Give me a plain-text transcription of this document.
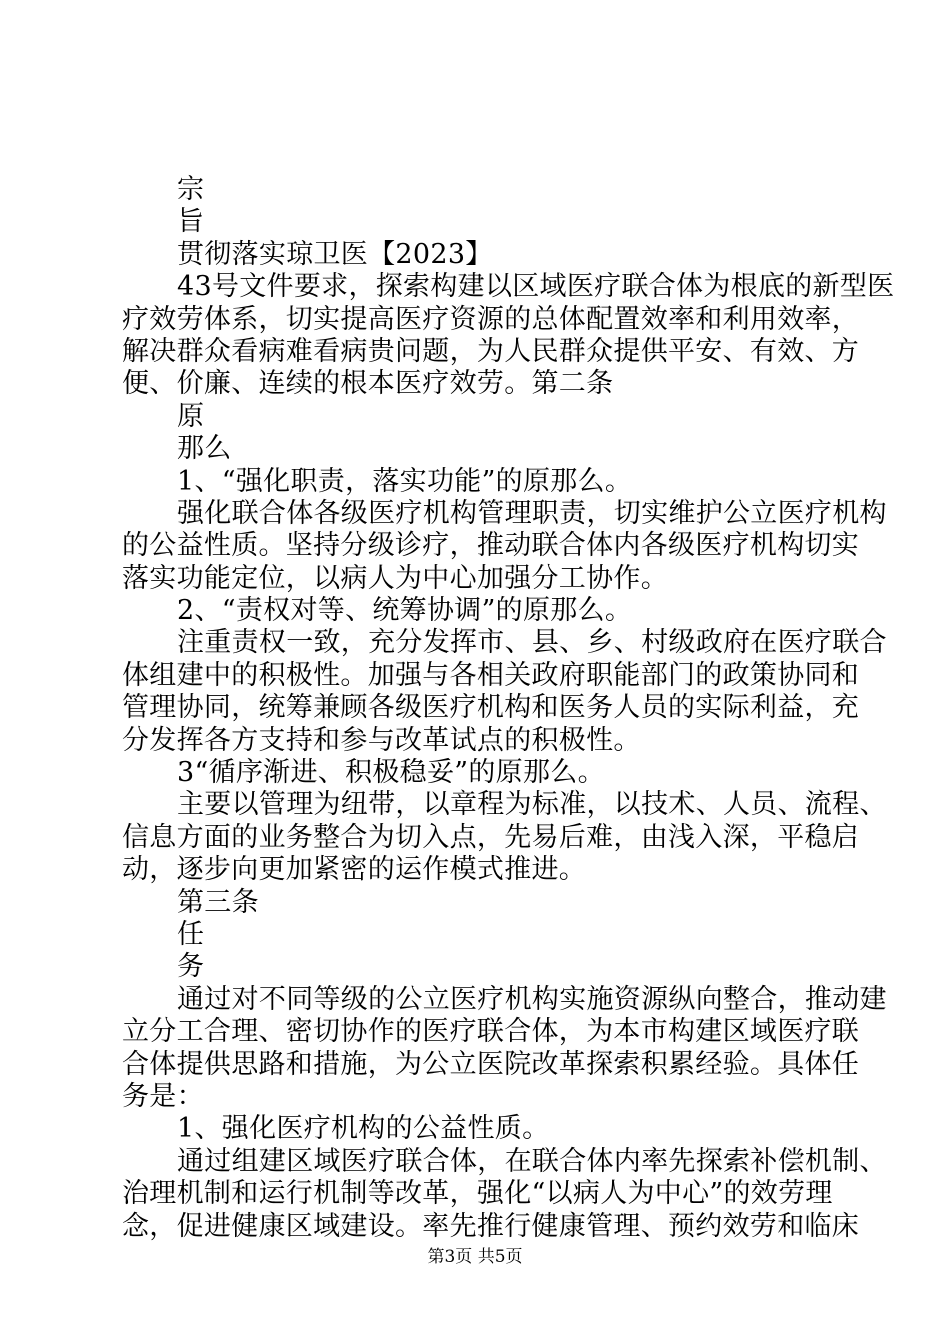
宗
旨
贯彻落实琼卫医【2023】
43号文件要求，探索构建以区域医疗联合体为根底的新型医
疗效劳体系，切实提高医疗资源的总体配置效率和利用效率，
解决群众看病难看病贵问题，为人民群众提供平安、有效、方
便、价廉、连续的根本医疗效劳。第二条
原
那么
1、“强化职责，落实功能”的原那么。
强化联合体各级医疗机构管理职责，切实维护公立医疗机构
的公益性质。坚持分级诊疗，推动联合体内各级医疗机构切实
落实功能定位，以病人为中心加强分工协作。
2、“责权对等、统筹协调”的原那么。
注重责权一致，充分发挥市、县、乡、村级政府在医疗联合
体组建中的积极性。加强与各相关政府职能部门的政策协同和
管理协同，统筹兼顾各级医疗机构和医务人员的实际利益，充
分发挥各方支持和参与改革试点的积极性。
3“循序渐进、积极稳妥”的原那么。
主要以管理为纽带，以章程为标准，以技术、人员、流程、
信息方面的业务整合为切入点，先易后难，由浅入深，平稳启
动，逐步向更加紧密的运作模式推进。
第三条
任
务
通过对不同等级的公立医疗机构实施资源纵向整合，推动建
立分工合理、密切协作的医疗联合体，为本市构建区域医疗联
合体提供思路和措施，为公立医院改革探索积累经验。具体任
务是：
1、强化医疗机构的公益性质。
通过组建区域医疗联合体，在联合体内率先探索补偿机制、
治理机制和运行机制等改革，强化“以病人为中心”的效劳理
念，促进健康区域建设。率先推行健康管理、预约效劳和临床
第3页 共5页
